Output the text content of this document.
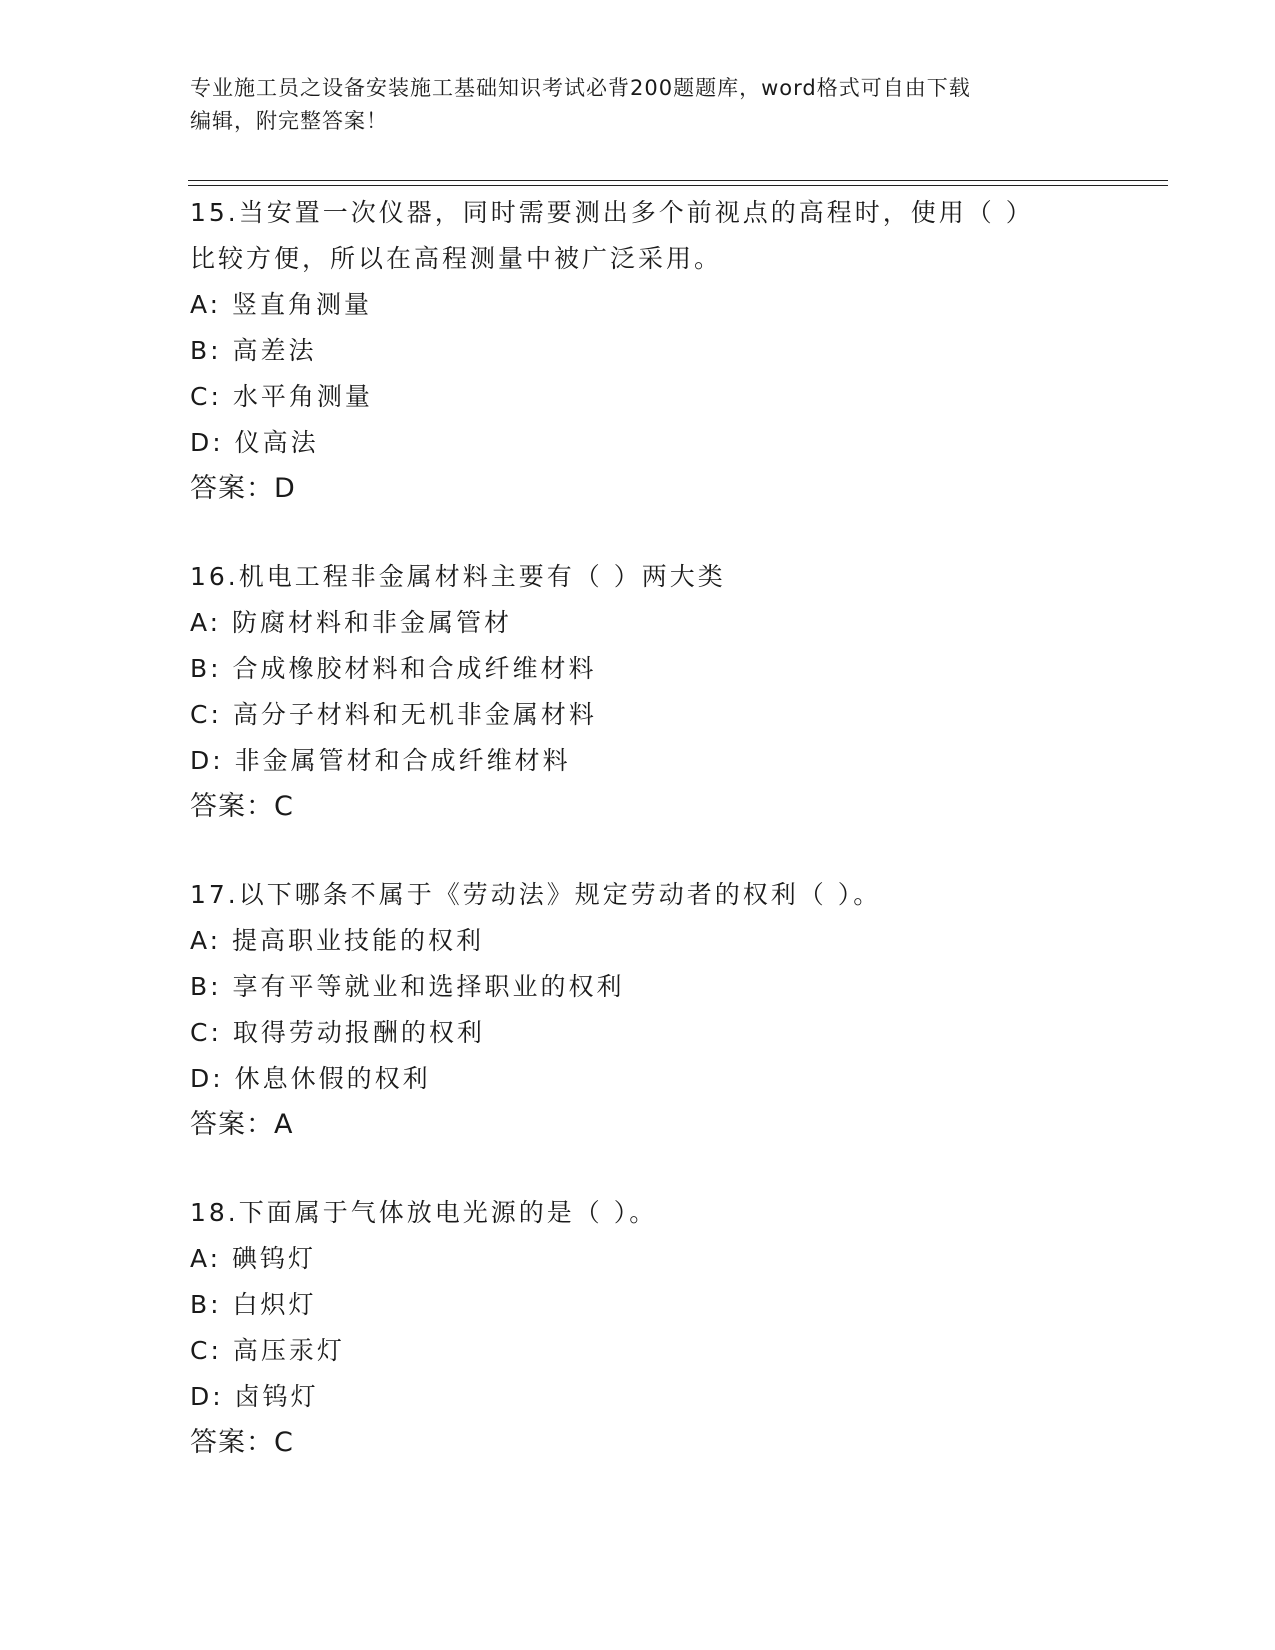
专业施工员之设备安装施工基础知识考试必背200题题库，word格式可自由下载
编辑，附完整答案！
15.当安置一次仪器，同时需要测出多个前视点的高程时，使用（ ）
比较方便，所以在高程测量中被广泛采用。
A: 竖直角测量
B: 高差法
C: 水平角测量
D: 仪高法
答案：D
16.机电工程非金属材料主要有（ ）两大类
A: 防腐材料和非金属管材
B: 合成橡胶材料和合成纤维材料
C: 高分子材料和无机非金属材料
D: 非金属管材和合成纤维材料
答案：C
17.以下哪条不属于《劳动法》规定劳动者的权利（ ）。
A: 提高职业技能的权利
B: 享有平等就业和选择职业的权利
C: 取得劳动报酬的权利
D: 休息休假的权利
答案：A
18.下面属于气体放电光源的是（ ）。
A: 碘钨灯
B: 白炽灯
C: 高压汞灯
D: 卤钨灯
答案：C
